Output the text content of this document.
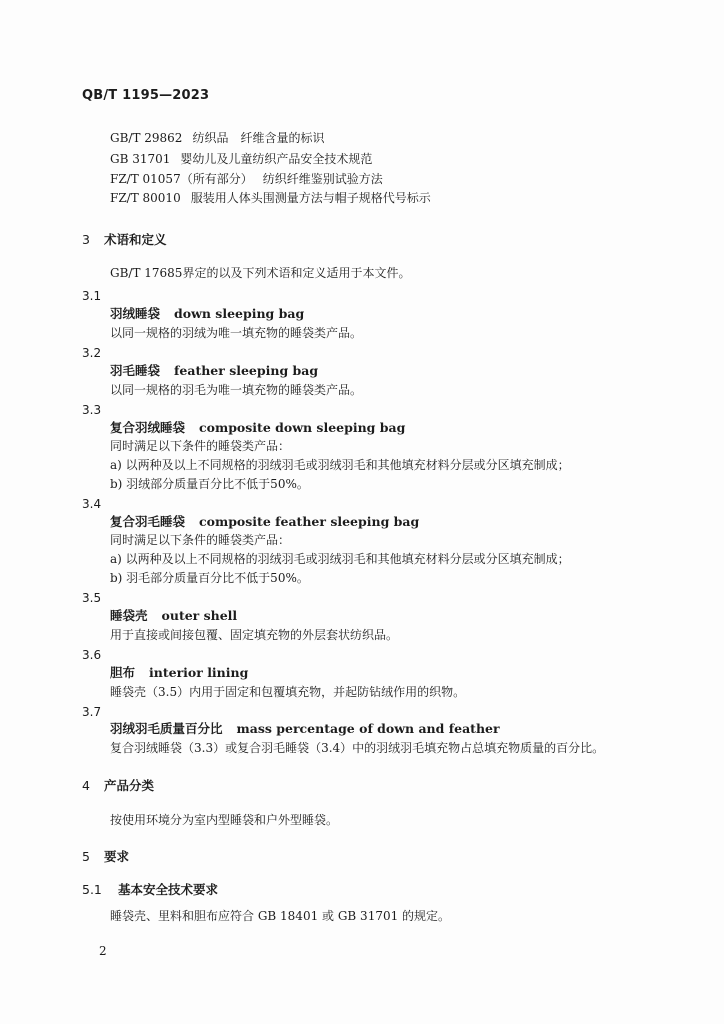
QB/T 1195—2023
GB/T 29862 纺织品　纤维含量的标识
GB 31701 婴幼儿及儿童纺织产品安全技术规范
FZ/T 01057（所有部分） 纺织纤维鉴别试验方法
FZ/T 80010 服装用人体头围测量方法与帽子规格代号标示
3 术语和定义
GB/T 17685界定的以及下列术语和定义适用于本文件。
3.1
羽绒睡袋 down sleeping bag
以同一规格的羽绒为唯一填充物的睡袋类产品。
3.2
羽毛睡袋 feather sleeping bag
以同一规格的羽毛为唯一填充物的睡袋类产品。
3.3
复合羽绒睡袋 composite down sleeping bag
同时满足以下条件的睡袋类产品：
a) 以两种及以上不同规格的羽绒羽毛或羽绒羽毛和其他填充材料分层或分区填充制成；
b) 羽绒部分质量百分比不低于50%。
3.4
复合羽毛睡袋 composite feather sleeping bag
同时满足以下条件的睡袋类产品：
a) 以两种及以上不同规格的羽绒羽毛或羽绒羽毛和其他填充材料分层或分区填充制成；
b) 羽毛部分质量百分比不低于50%。
3.5
睡袋壳 outer shell
用于直接或间接包覆、固定填充物的外层套状纺织品。
3.6
胆布 interior lining
睡袋壳（3.5）内用于固定和包覆填充物，并起防钻绒作用的织物。
3.7
羽绒羽毛质量百分比 mass percentage of down and feather
复合羽绒睡袋（3.3）或复合羽毛睡袋（3.4）中的羽绒羽毛填充物占总填充物质量的百分比。
4 产品分类
按使用环境分为室内型睡袋和户外型睡袋。
5 要求
5.1 基本安全技术要求
睡袋壳、里料和胆布应符合 GB 18401 或 GB 31701 的规定。
2
